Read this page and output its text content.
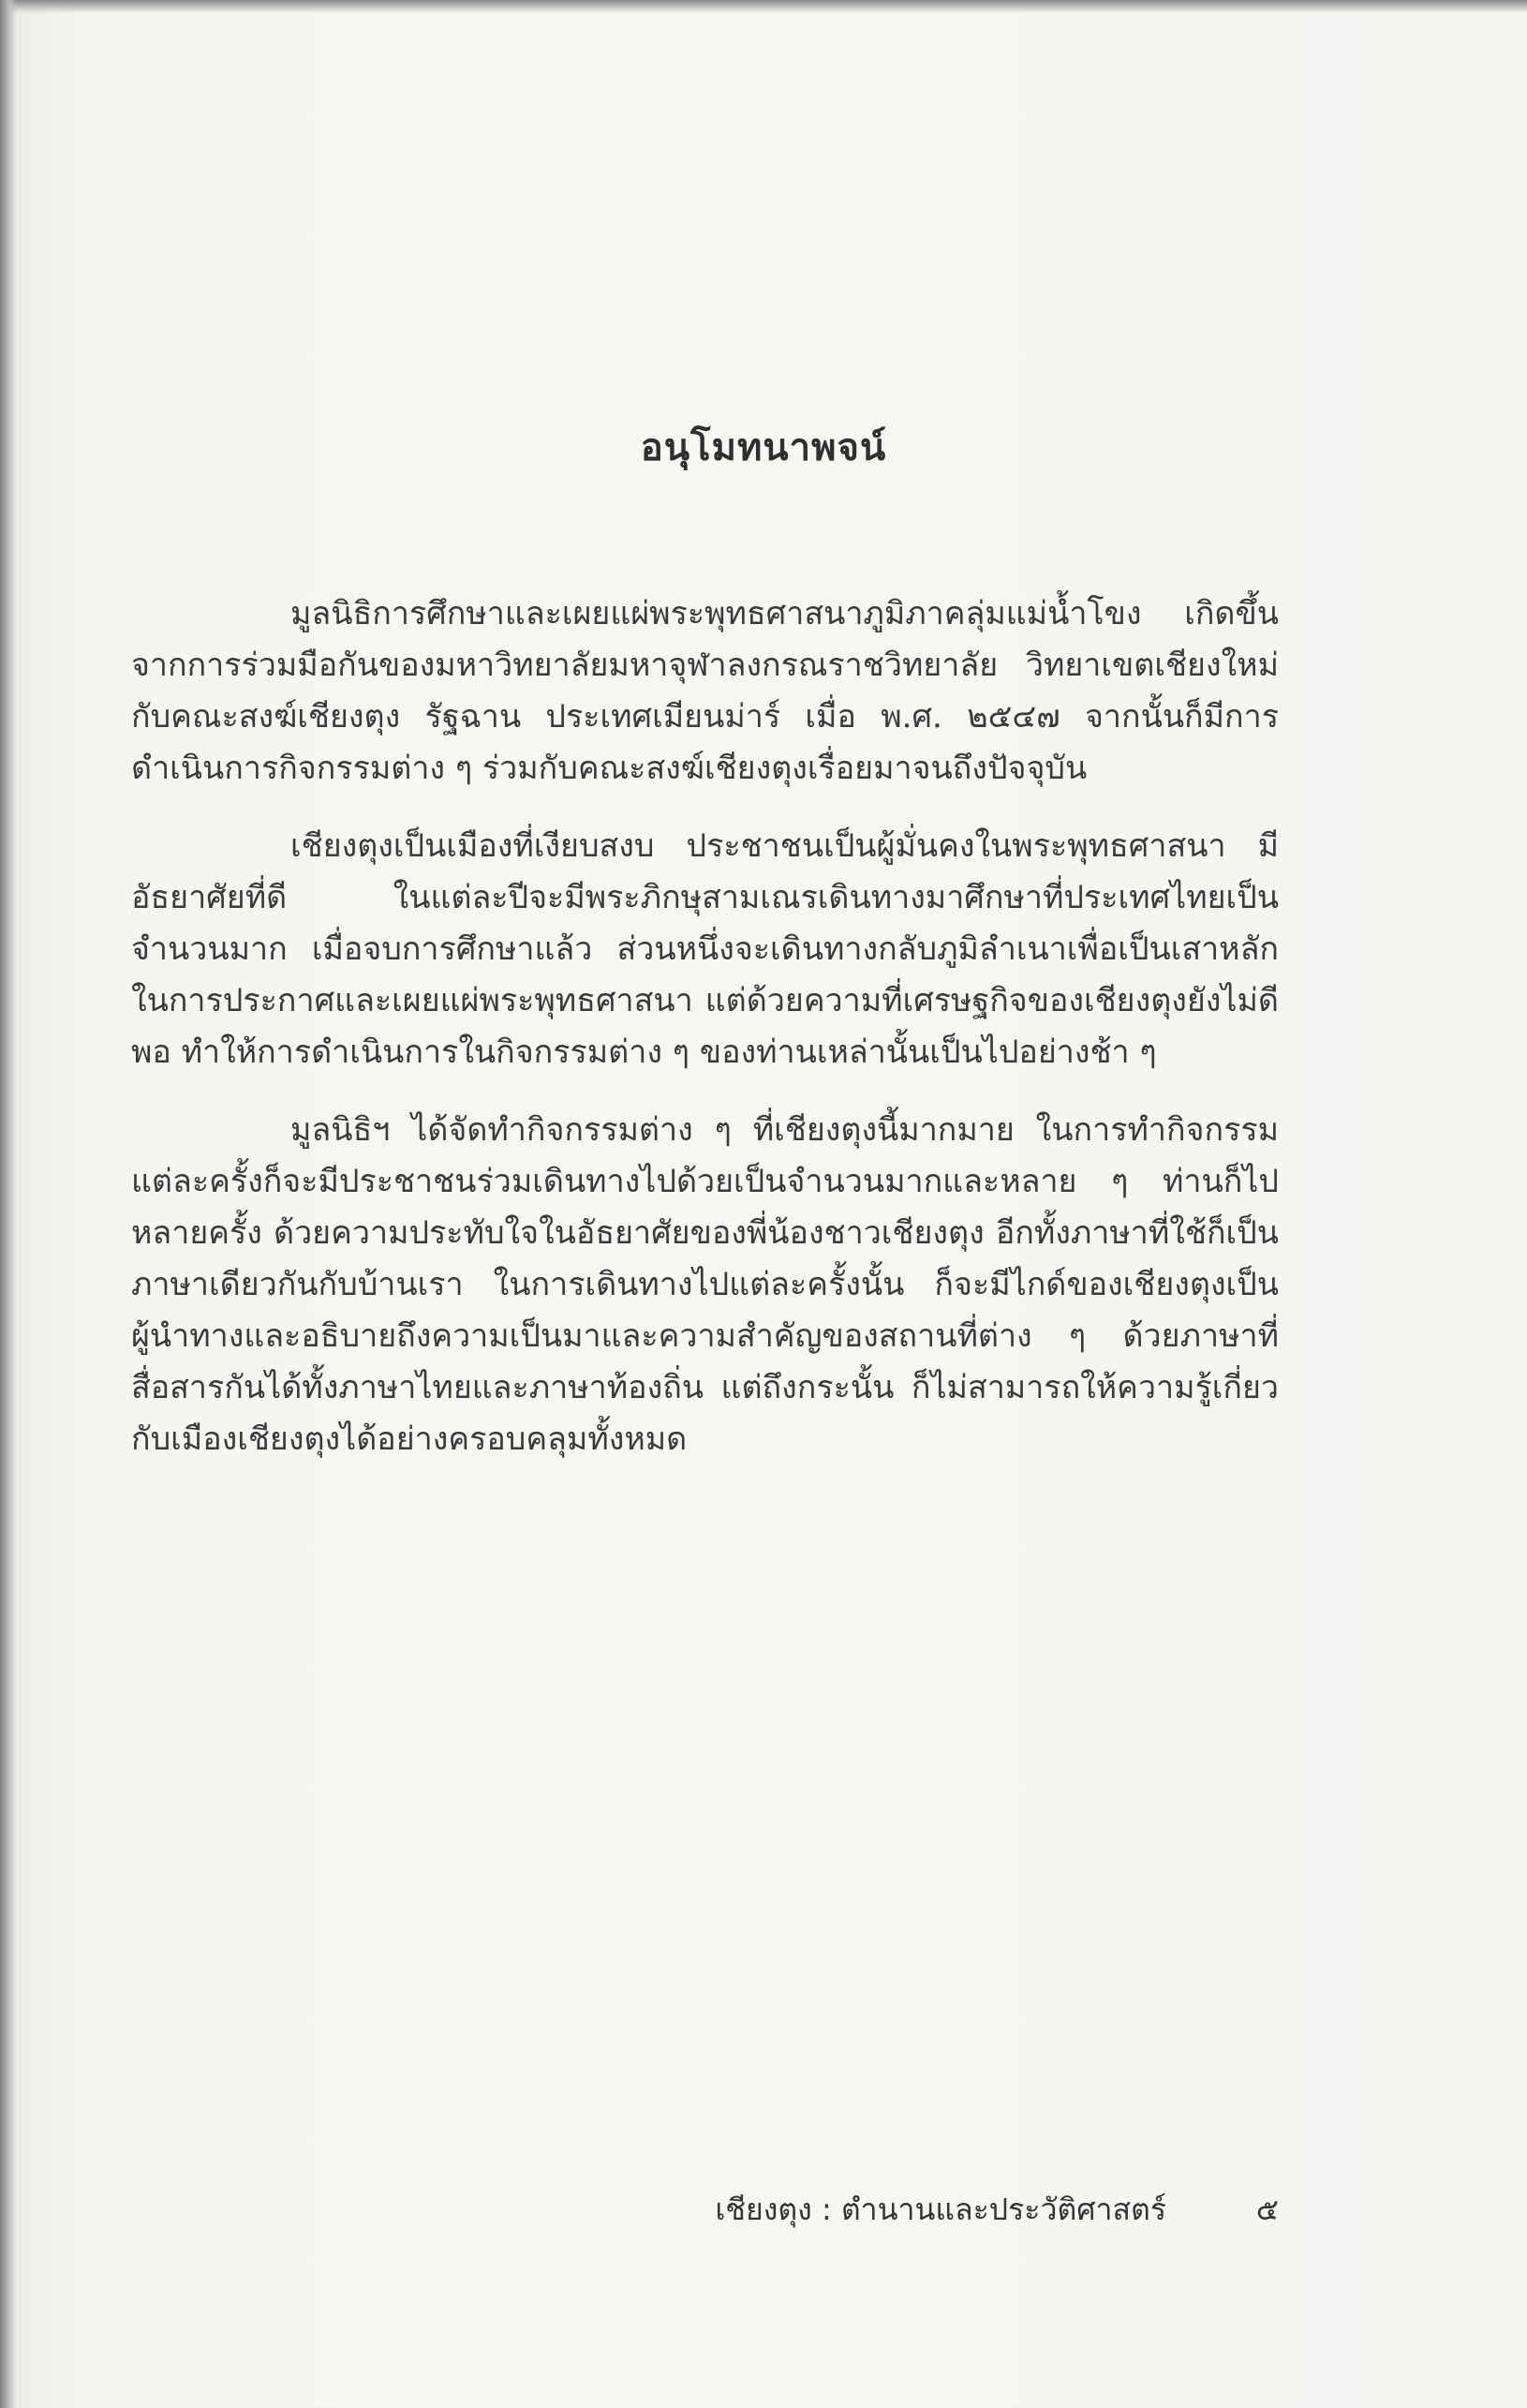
อนุโมทนาพจน์

มูลนิธิการศึกษาและเผยแผ่พระพุทธศาสนาภูมิภาคลุ่มแม่น้ำโขง เกิดขึ้นจากการร่วมมือกันของมหาวิทยาลัยมหาจุฬาลงกรณราชวิทยาลัย วิทยาเขตเชียงใหม่ กับคณะสงฆ์เชียงตุง รัฐฉาน ประเทศเมียนม่าร์ เมื่อ พ.ศ. ๒๕๔๗ จากนั้นก็มีการดำเนินการกิจกรรมต่าง ๆ ร่วมกับคณะสงฆ์เชียงตุงเรื่อยมาจนถึงปัจจุบัน

เชียงตุงเป็นเมืองที่เงียบสงบ ประชาชนเป็นผู้มั่นคงในพระพุทธศาสนา มีอัธยาศัยที่ดี ในแต่ละปีจะมีพระภิกษุสามเณรเดินทางมาศึกษาที่ประเทศไทยเป็นจำนวนมาก เมื่อจบการศึกษาแล้ว ส่วนหนึ่งจะเดินทางกลับภูมิลำเนาเพื่อเป็นเสาหลักในการประกาศและเผยแผ่พระพุทธศาสนา แต่ด้วยความที่เศรษฐกิจของเชียงตุงยังไม่ดีพอ ทำให้การดำเนินการในกิจกรรมต่าง ๆ ของท่านเหล่านั้นเป็นไปอย่างช้า ๆ

มูลนิธิฯ ได้จัดทำกิจกรรมต่าง ๆ ที่เชียงตุงนี้มากมาย ในการทำกิจกรรมแต่ละครั้งก็จะมีประชาชนร่วมเดินทางไปด้วยเป็นจำนวนมากและหลาย ๆ ท่านก็ไปหลายครั้ง ด้วยความประทับใจในอัธยาศัยของพี่น้องชาวเชียงตุง อีกทั้งภาษาที่ใช้ก็เป็นภาษาเดียวกันกับบ้านเรา ในการเดินทางไปแต่ละครั้งนั้น ก็จะมีไกด์ของเชียงตุงเป็นผู้นำทางและอธิบายถึงความเป็นมาและความสำคัญของสถานที่ต่าง ๆ ด้วยภาษาที่สื่อสารกันได้ทั้งภาษาไทยและภาษาท้องถิ่น แต่ถึงกระนั้น ก็ไม่สามารถให้ความรู้เกี่ยวกับเมืองเชียงตุงได้อย่างครอบคลุมทั้งหมด

เชียงตุง : ตำนานและประวัติศาสตร์	๕
